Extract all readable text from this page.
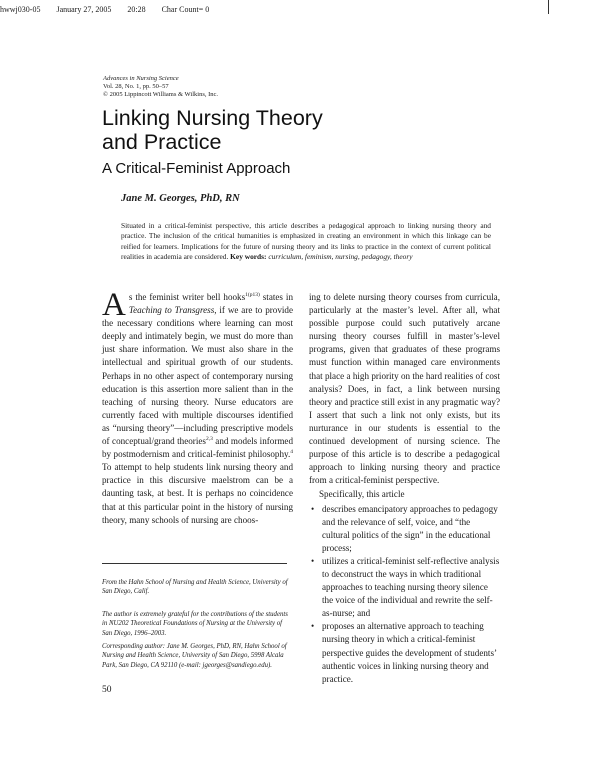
hwwj030-05 January 27, 2005 20:28 Char Count= 0
Advances in Nursing Science
Vol. 28, No. 1, pp. 50–57
© 2005 Lippincott Williams & Wilkins, Inc.
Linking Nursing Theory
and Practice
A Critical-Feminist Approach
Jane M. Georges, PhD, RN
Situated in a critical-feminist perspective, this article describes a pedagogical approach to linking nursing theory and practice. The inclusion of the critical humanities is emphasized in creating an environment in which this linkage can be reified for learners. Implications for the future of nursing theory and its links to practice in the context of current political realities in academia are considered. Key words: curriculum, feminism, nursing, pedagogy, theory
As the feminist writer bell hooks$^{1(p13)}$ states in Teaching to Transgress, if we are to provide the necessary conditions where learning can most deeply and intimately begin, we must do more than just share information. We must also share in the intellectual and spiritual growth of our students. Perhaps in no other aspect of contemporary nursing education is this assertion more salient than in the teaching of nursing theory. Nurse educators are currently faced with multiple discourses identified as “nursing theory”—including prescriptive models of conceptual/grand theories$^{2,3}$ and models informed by postmodernism and critical-feminist philosophy.$^4$ To attempt to help students link nursing theory and practice in this discursive maelstrom can be a daunting task, at best. It is perhaps no coincidence that at this particular point in the history of nursing theory, many schools of nursing are choos-
From the Hahn School of Nursing and Health Science, University of San Diego, Calif.
The author is extremely grateful for the contributions of the students in NU202 Theoretical Foundations of Nursing at the University of San Diego, 1996–2003.
Corresponding author: Jane M. Georges, PhD, RN, Hahn School of Nursing and Health Science, University of San Diego, 5998 Alcala Park, San Diego, CA 92110 (e-mail: jgeorges@sandiego.edu).
50
ing to delete nursing theory courses from curricula, particularly at the master’s level. After all, what possible purpose could such putatively arcane nursing theory courses fulfill in master’s-level programs, given that graduates of these programs must function within managed care environments that place a high priority on the hard realities of cost analysis? Does, in fact, a link between nursing theory and practice still exist in any pragmatic way? I assert that such a link not only exists, but its nurturance in our students is essential to the continued development of nursing science. The purpose of this article is to describe a pedagogical approach to linking nursing theory and practice from a critical-feminist perspective.
Specifically, this article
• describes emancipatory approaches to pedagogy and the relevance of self, voice, and “the cultural politics of the sign” in the educational process;
• utilizes a critical-feminist self-reflective analysis to deconstruct the ways in which traditional approaches to teaching nursing theory silence the voice of the individual and rewrite the self-as-nurse; and
• proposes an alternative approach to teaching nursing theory in which a critical-feminist perspective guides the development of students’ authentic voices in linking nursing theory and practice.
